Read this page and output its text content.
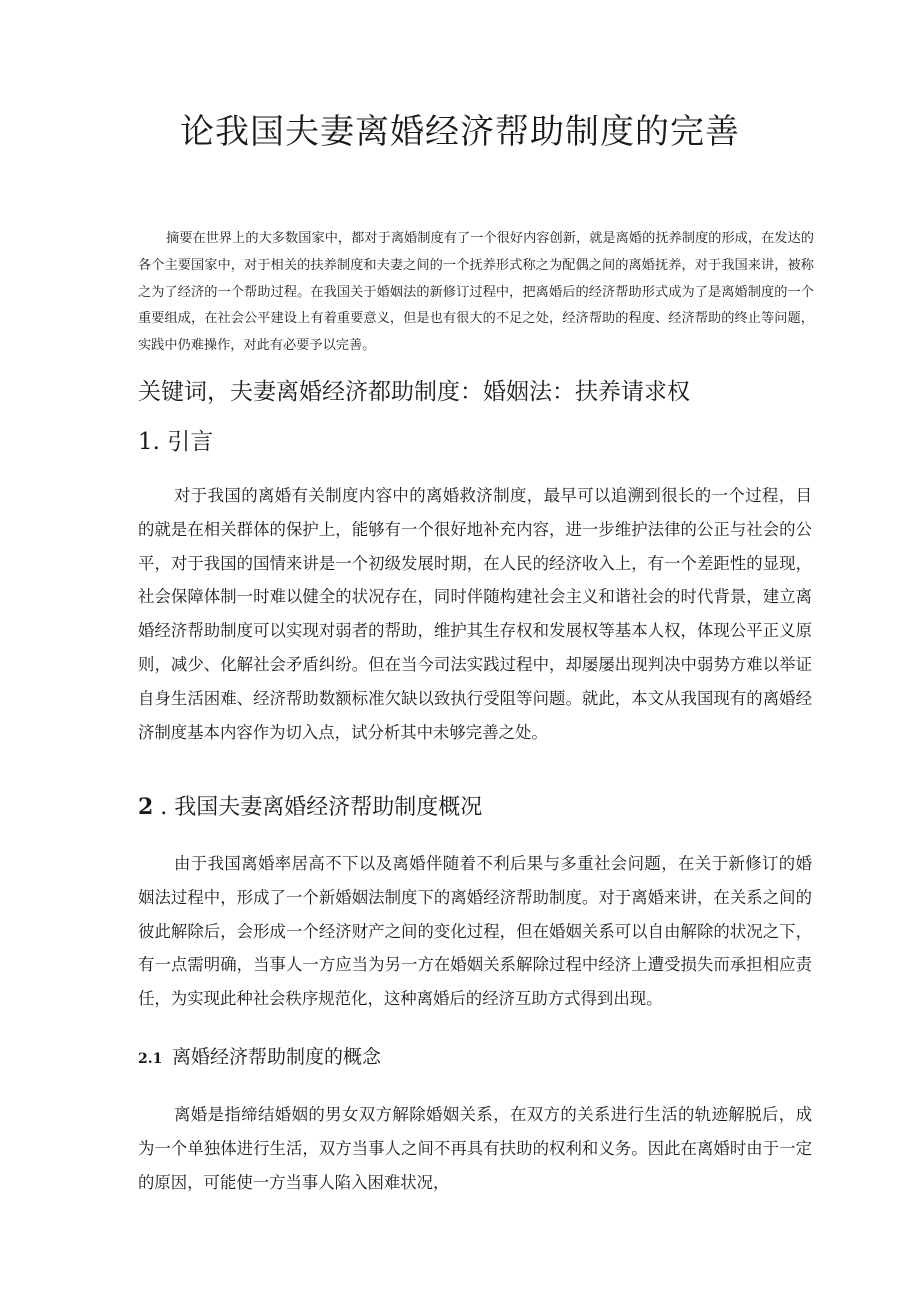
论我国夫妻离婚经济帮助制度的完善

摘要在世界上的大多数国家中，都对于离婚制度有了一个很好内容创新，就是离婚的抚养制度的形成，在发达的各个主要国家中，对于相关的扶养制度和夫妻之间的一个抚养形式称之为配偶之间的离婚抚养，对于我国来讲，被称之为了经济的一个帮助过程。在我国关于婚姻法的新修订过程中，把离婚后的经济帮助形式成为了是离婚制度的一个重要组成，在社会公平建设上有着重要意义，但是也有很大的不足之处，经济帮助的程度、经济帮助的终止等问题，实践中仍难操作，对此有必要予以完善。

关键词，夫妻离婚经济都助制度：婚姻法：扶养请求权

1. 引言

对于我国的离婚有关制度内容中的离婚救济制度，最早可以追溯到很长的一个过程，目的就是在相关群体的保护上，能够有一个很好地补充内容，进一步维护法律的公正与社会的公平，对于我国的国情来讲是一个初级发展时期，在人民的经济收入上，有一个差距性的显现，社会保障体制一时难以健全的状况存在，同时伴随构建社会主义和谐社会的时代背景，建立离婚经济帮助制度可以实现对弱者的帮助，维护其生存权和发展权等基本人权，体现公平正义原则，减少、化解社会矛盾纠纷。但在当今司法实践过程中，却屡屡出现判决中弱势方难以举证自身生活困难、经济帮助数额标准欠缺以致执行受阻等问题。就此，本文从我国现有的离婚经济制度基本内容作为切入点，试分析其中未够完善之处。

2 . 我国夫妻离婚经济帮助制度概况

由于我国离婚率居高不下以及离婚伴随着不利后果与多重社会问题，在关于新修订的婚姻法过程中，形成了一个新婚姻法制度下的离婚经济帮助制度。对于离婚来讲，在关系之间的彼此解除后，会形成一个经济财产之间的变化过程，但在婚姻关系可以自由解除的状况之下，有一点需明确，当事人一方应当为另一方在婚姻关系解除过程中经济上遭受损失而承担相应责任，为实现此种社会秩序规范化，这种离婚后的经济互助方式得到出现。

2.1 离婚经济帮助制度的概念

离婚是指缔结婚姻的男女双方解除婚姻关系，在双方的关系进行生活的轨迹解脱后，成为一个单独体进行生活，双方当事人之间不再具有扶助的权利和义务。因此在离婚时由于一定的原因，可能使一方当事人陷入困难状况，
